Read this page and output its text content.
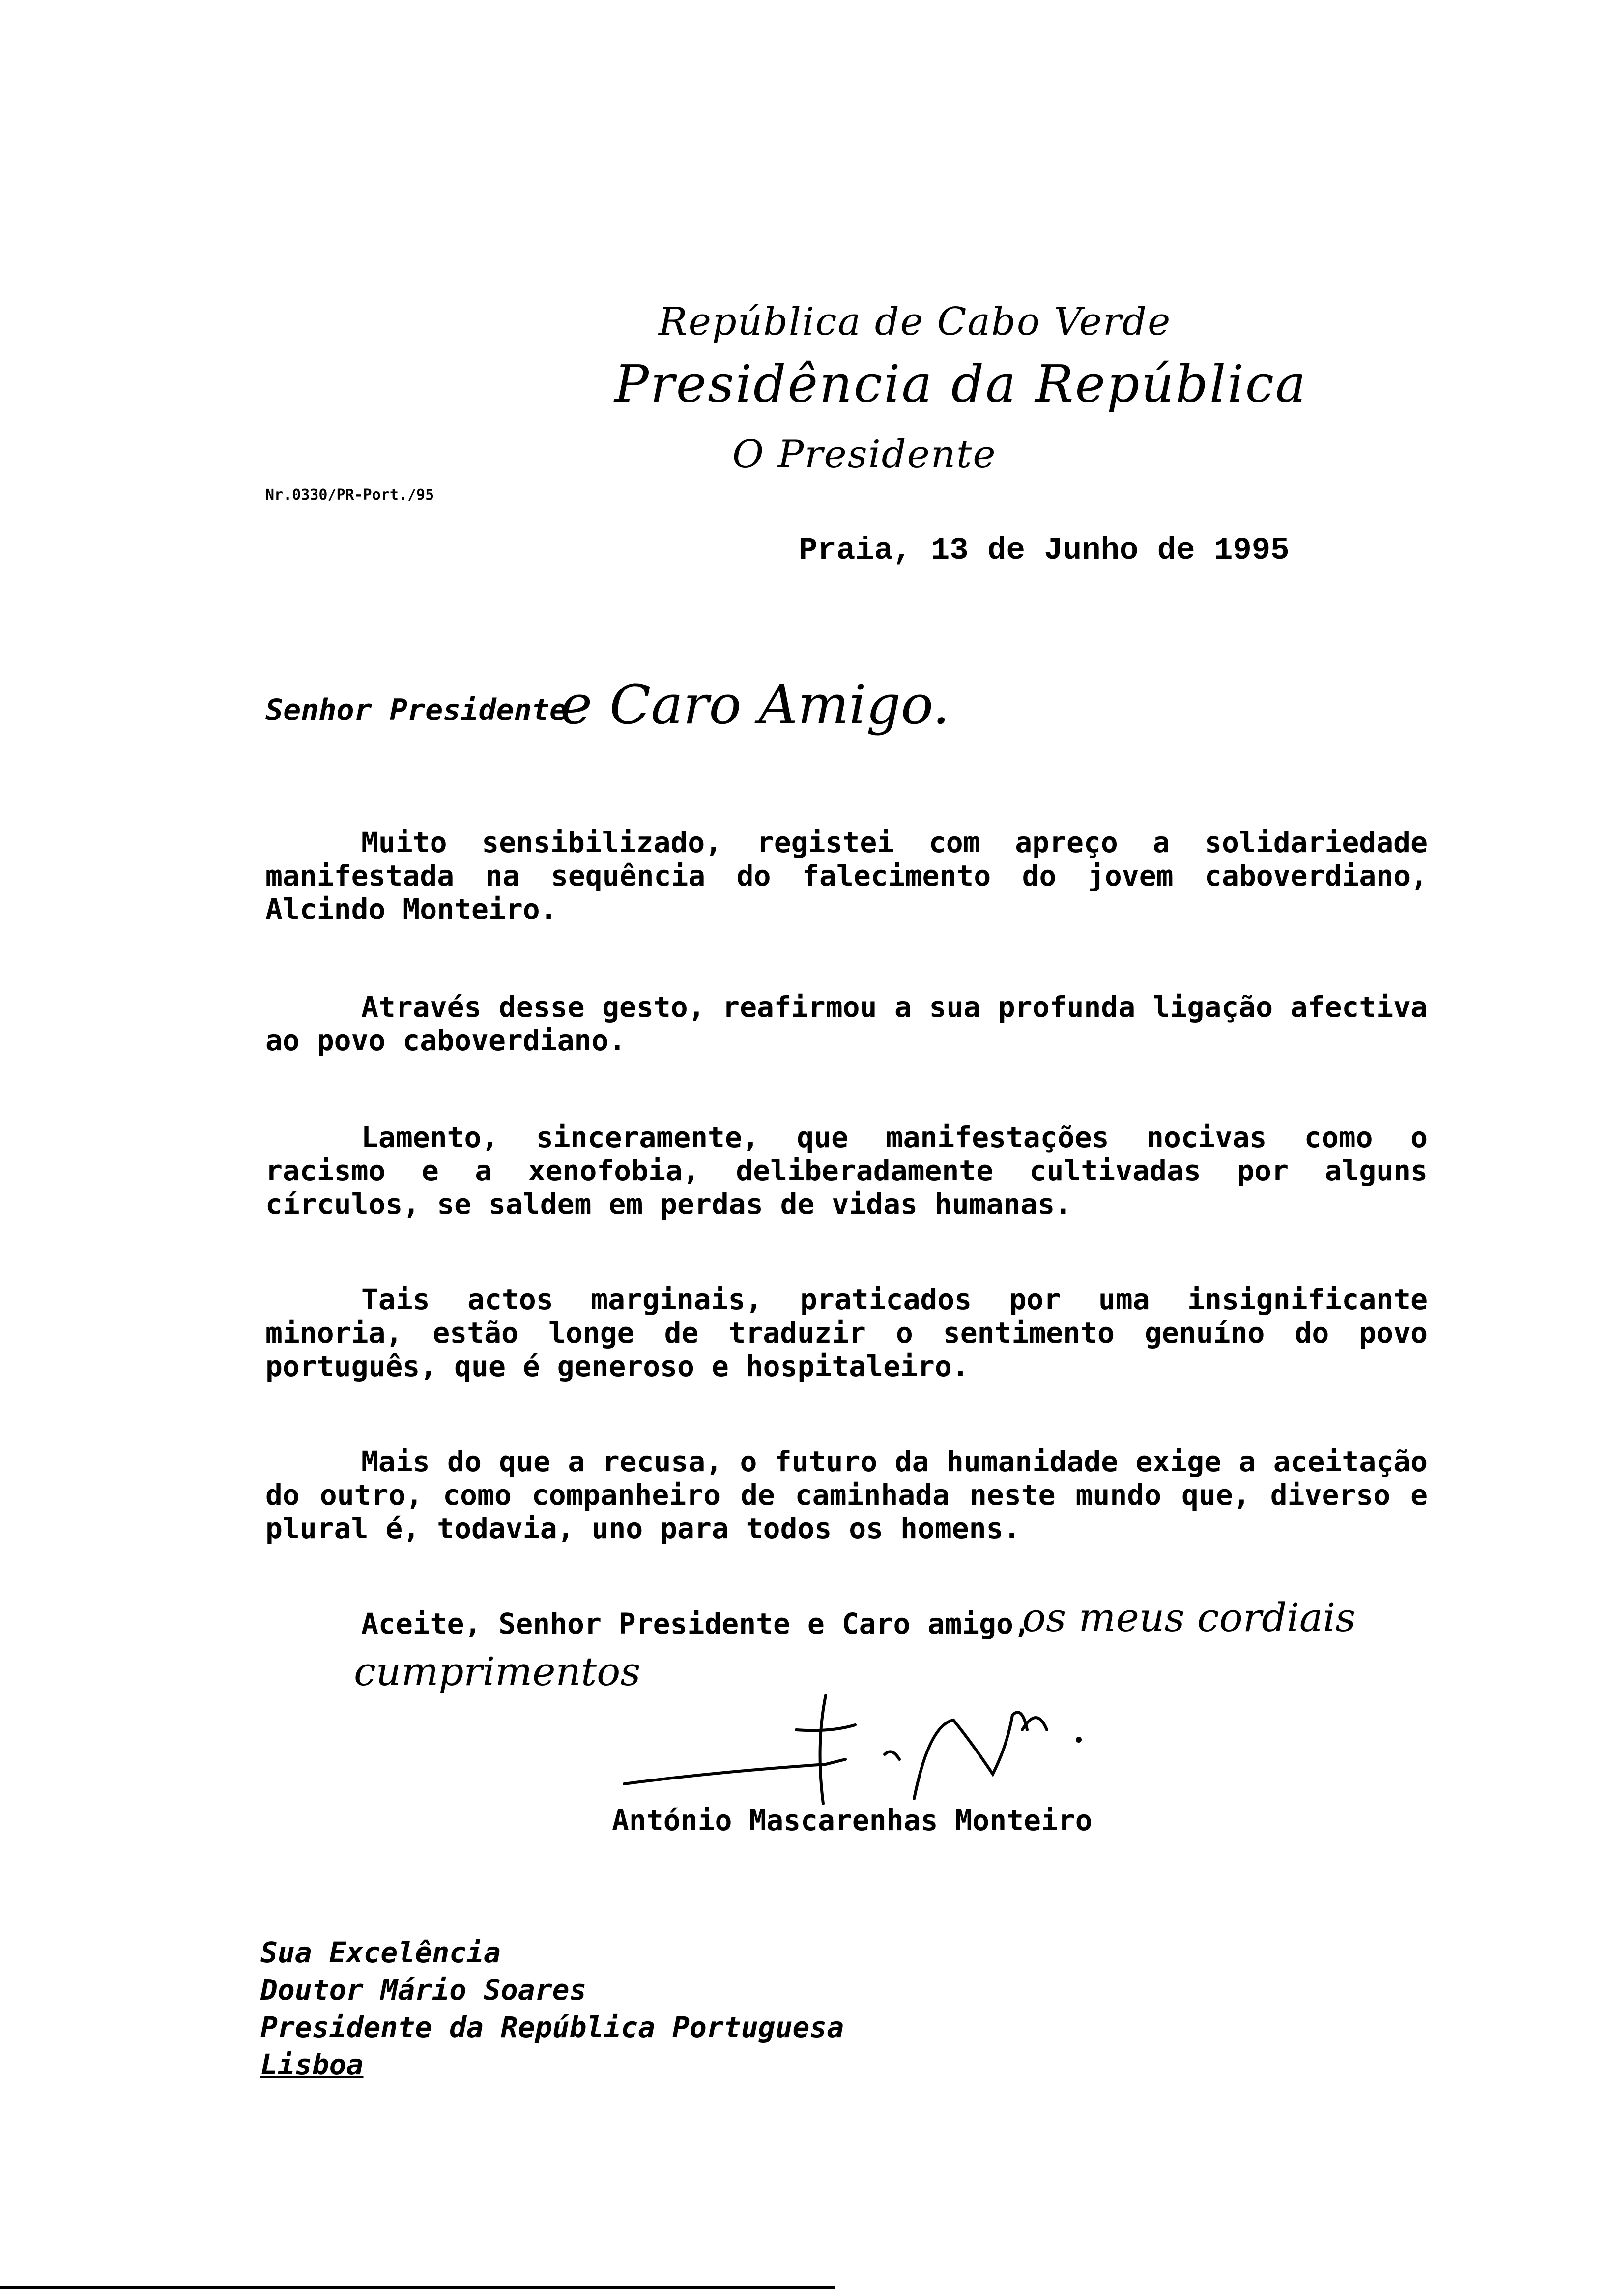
República de Cabo Verde
Presidência da República
O Presidente
Nr.0330/PR-Port./95
Praia, 13 de Junho de 1995
Senhor Presidente
e Caro Amigo.
Muito sensibilizado, registei com apreço a solidariedade manifestada na sequência do falecimento do jovem caboverdiano, Alcindo Monteiro.
Através desse gesto, reafirmou a sua profunda ligação afectiva ao povo caboverdiano.
Lamento, sinceramente, que manifestações nocivas como o racismo e a xenofobia, deliberadamente cultivadas por alguns círculos, se saldem em perdas de vidas humanas.
Tais actos marginais, praticados por uma insignificante minoria, estão longe de traduzir o sentimento genuíno do povo português, que é generoso e hospitaleiro.
Mais do que a recusa, o futuro da humanidade exige a aceitação do outro, como companheiro de caminhada neste mundo que, diverso e plural é, todavia, uno para todos os homens.
Aceite, Senhor Presidente e Caro amigo,
os meus cordiais
cumprimentos
António Mascarenhas Monteiro
Sua Excelência
Doutor Mário Soares
Presidente da República Portuguesa
Lisboa
